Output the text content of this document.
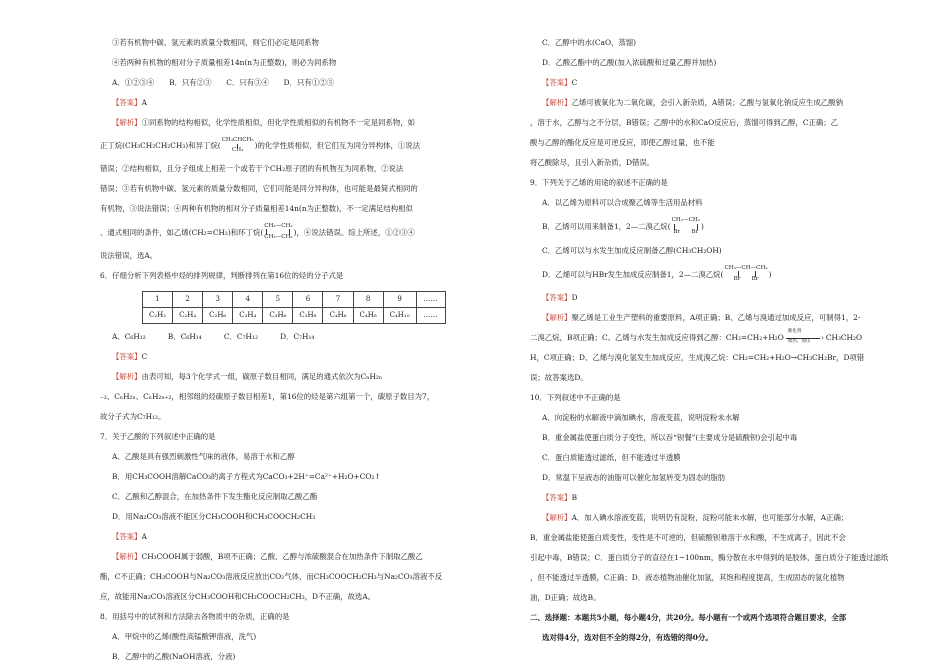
③若有机物中碳、氢元素的质量分数相同，则它们必定是同系物
④若两种有机物的相对分子质量相差14n(n为正整数)，则必为同系物
A．①②③④　　B．只有②③　　C．只有③④　　D．只有①②③
【答案】A
【解析】①同系物的结构相似，化学性质相似，但化学性质相似的有机物不一定是同系物，如
正丁烷(CH₃CH₂CH₂CH₃)和异丁烷(CH₃CHCH₃
CH₃ )的化学性质相似，但它们互为同分异构体，①说法
错误；②结构相似，且分子组成上相差一个或若干个CH₂原子团的有机物互为同系物，②说法
错误；③若有机物中碳、氢元素的质量分数相同，它们可能是同分异构体，也可能是最简式相同的
有机物，③说法错误；④两种有机物的相对分子质量相差14n(n为正整数)，不一定满足结构相似
、通式相同的条件，如乙烯(CH₂=CH₂)和环丁烷(CH₂—CH₂
CH₂—CH₂)，④说法错误。综上所述，①②③④
说法错误，选A。
6．仔细分析下列表格中烃的排列规律，判断排列在第16位的烃的分子式是
1	2	3	4	5	6	7	8	9	……
C₂H₂	C₂H₄	C₂H₆	C₃H₄	C₃H₆	C₃H₈	C₄H₆	C₄H₈	C₄H₁₀	……
A．C₆H₁₂　　　B．C₆H₁₄　　　C．C₇H₁₂　　　D．C₇H₁₄
【答案】C
【解析】由表可知，每3个化学式一组，碳原子数目相同，满足的通式依次为CₙH₂ₙ
₋₂、CₙH₂ₙ、CₙH₂ₙ₊₂，相邻组的烃碳原子数目相差1，第16位的烃是第六组第一个，碳原子数目为7，
故分子式为C₇H₁₂。
7．关于乙酸的下列叙述中正确的是
A．乙酸是具有强烈刺激性气味的液体，易溶于水和乙醇
B．用CH₃COOH溶解CaCO₃的离子方程式为CaCO₃+2H⁺=Ca²⁺+H₂O+CO₂↑
C．乙酸和乙醇混合，在加热条件下发生酯化反应制取乙酸乙酯
D．用Na₂CO₃溶液不能区分CH₃COOH和CH₃COOCH₂CH₃
【答案】A
【解析】CH₃COOH属于弱酸，B项不正确；乙酸、乙醇与浓硫酸混合在加热条件下制取乙酸乙
酯，C不正确；CH₃COOH与Na₂CO₃溶液反应放出CO₂气体，而CH₃COOCH₂CH₃与Na₂CO₃溶液不反
应，故能用Na₂CO₃溶液区分CH₃COOH和CH₃COOCH₂CH₃，D不正确，故选A。
8．用括号中的试剂和方法除去各物质中的杂质，正确的是
A．甲烷中的乙烯(酸性高锰酸钾溶液，洗气)
B．乙醇中的乙酸(NaOH溶液，分液)
C．乙醇中的水(CaO，蒸馏)
D．乙酸乙酯中的乙酸(加入浓硫酸和过量乙醇并加热)
【答案】C
【解析】乙烯可被氧化为二氧化碳，会引入新杂质，A错误；乙酸与氢氧化钠反应生成乙酸钠
，溶于水，乙醇与之不分层，B错误；乙醇中的水和CaO反应后，蒸馏可得到乙醇，C正确；乙
酸与乙醇的酯化反应是可逆反应，即使乙醇过量，也不能
将乙酸除尽，且引入新杂质，D错误。
9．下列关于乙烯的用途的叙述不正确的是
A．以乙烯为原料可以合成聚乙烯等生活用品材料
B．乙烯可以用来制备1，2—二溴乙烷(CH₂—CH₂
Br　　Br)
C．乙烯可以与水发生加成反应制备乙醇(CH₃CH₂OH)
D．乙烯可以与HBr发生加成反应制备1，2—二溴乙烷(CH₃—CH—CH₂
Br　　Br)
【答案】D
【解析】聚乙烯是工业生产塑料的重要原料，A项正确；B、乙烯与溴通过加成反应，可制得1，2-
二溴乙烷，B项正确；C、乙烯与水发生加成反应得到乙醇：CH₂=CH₂+H₂O
催化剂
›
加热、加压 CH₃CH₂O
H，C项正确；D、乙烯与溴化氢发生加成反应，生成溴乙烷：CH₂=CH₂+H₂O→CH₃CH₂Br，D项错
误；故答案选D。
10．下列叙述中不正确的是
A．向淀粉的水解液中滴加碘水，溶液变蓝，说明淀粉未水解
B．重金属盐使蛋白质分子变性，所以吞“钡餐”(主要成分是硫酸钡)会引起中毒
C．蛋白质能透过滤纸，但不能透过半透膜
D．常温下呈液态的油脂可以催化加氢转变为固态的脂肪
【答案】B
【解析】A．加入碘水溶液变蓝，说明仍有淀粉，淀粉可能未水解，也可能部分水解，A正确；
B．重金属盐能使蛋白质变性，变性是不可逆的，但硫酸钡难溶于水和酸，不生成离子，因此不会
引起中毒，B错误；C．蛋白质分子的直径在1~100nm，酶分散在水中得到的是胶体，蛋白质分子能透过滤纸
，但不能透过半透膜，C正确；D．液态植物油催化加氢，其饱和程度提高，生成固态的氢化植物
油，D正确；故选B。
二、选择题：本题共5小题，每小题4分，共20分。每小题有一个或两个选项符合题目要求，全部
选对得4分，选对但不全的得2分，有选错的得0分。
